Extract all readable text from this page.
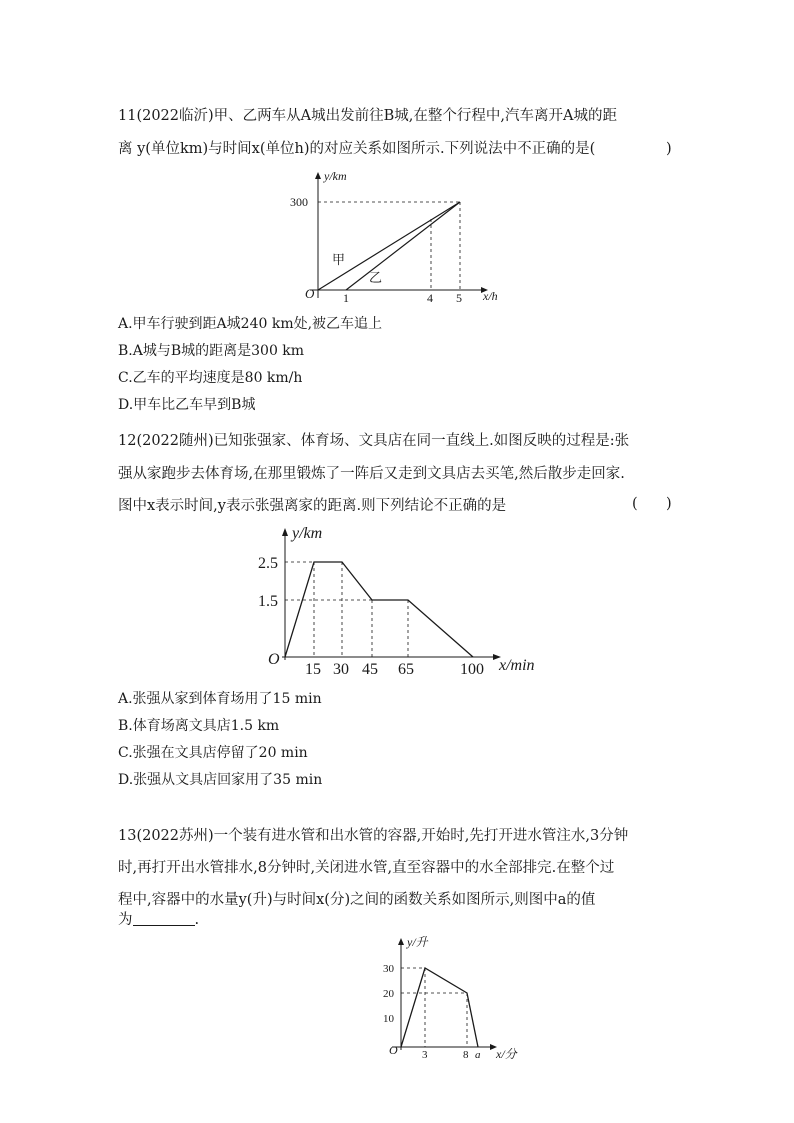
11(2022临沂)甲、乙两车从A城出发前往B城,在整个行程中,汽车离开A城的距
离 y(单位km)与时间x(单位h)的对应关系如图所示.下列说法中不正确的是(	)
y/km
x/h
O
300
1	4 5
甲
乙
A.甲车行驶到距A城240 km处,被乙车追上
B.A城与B城的距离是300 km
C.乙车的平均速度是80 km/h
D.甲车比乙车早到B城
12(2022随州)已知张强家、体育场、文具店在同一直线上.如图反映的过程是:张
强从家跑步去体育场,在那里锻炼了一阵后又走到文具店去买笔,然后散步走回家.
图中x表示时间,y表示张强离家的距离.则下列结论不正确的是	( )
y/km
x/min
O
2.5
1.5
15 30 45 65	100
A.张强从家到体育场用了15 min
B.体育场离文具店1.5 km
C.张强在文具店停留了20 min
D.张强从文具店回家用了35 min
13(2022苏州)一个装有进水管和出水管的容器,开始时,先打开进水管注水,3分钟
时,再打开出水管排水,8分钟时,关闭进水管,直至容器中的水全部排完.在整个过
程中,容器中的水量y(升)与时间x(分)之间的函数关系如图所示,则图中a的值
为	.
y/升
x/分
O
30
20
10
3	8 a
